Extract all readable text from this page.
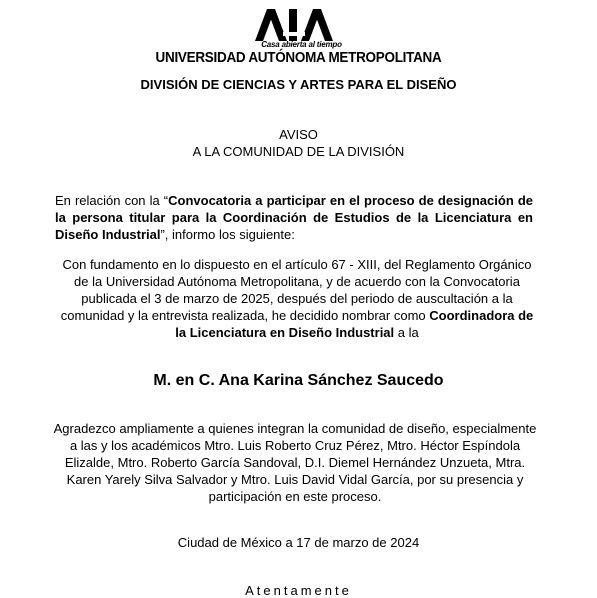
Casa abierta al tiempo
UNIVERSIDAD AUTÓNOMA METROPOLITANA
DIVISIÓN DE CIENCIAS Y ARTES PARA EL DISEÑO
AVISO
A LA COMUNIDAD DE LA DIVISIÓN
En relación con la “Convocatoria a participar en el proceso de designación de la persona titular para la Coordinación de Estudios de la Licenciatura en Diseño Industrial”, informo los siguiente:
Con fundamento en lo dispuesto en el artículo 67 - XIII, del Reglamento Orgánico de la Universidad Autónoma Metropolitana, y de acuerdo con la Convocatoria publicada el 3 de marzo de 2025, después del periodo de auscultación a la comunidad y la entrevista realizada, he decidido nombrar como Coordinadora de la Licenciatura en Diseño Industrial a la
M. en C. Ana Karina Sánchez Saucedo
Agradezco ampliamente a quienes integran la comunidad de diseño, especialmente a las y los académicos Mtro. Luis Roberto Cruz Pérez, Mtro. Héctor Espíndola Elizalde, Mtro. Roberto García Sandoval, D.I. Diemel Hernández Unzueta, Mtra. Karen Yarely Silva Salvador y Mtro. Luis David Vidal García, por su presencia y participación en este proceso.
Ciudad de México a 17 de marzo de 2024
Atentamente
